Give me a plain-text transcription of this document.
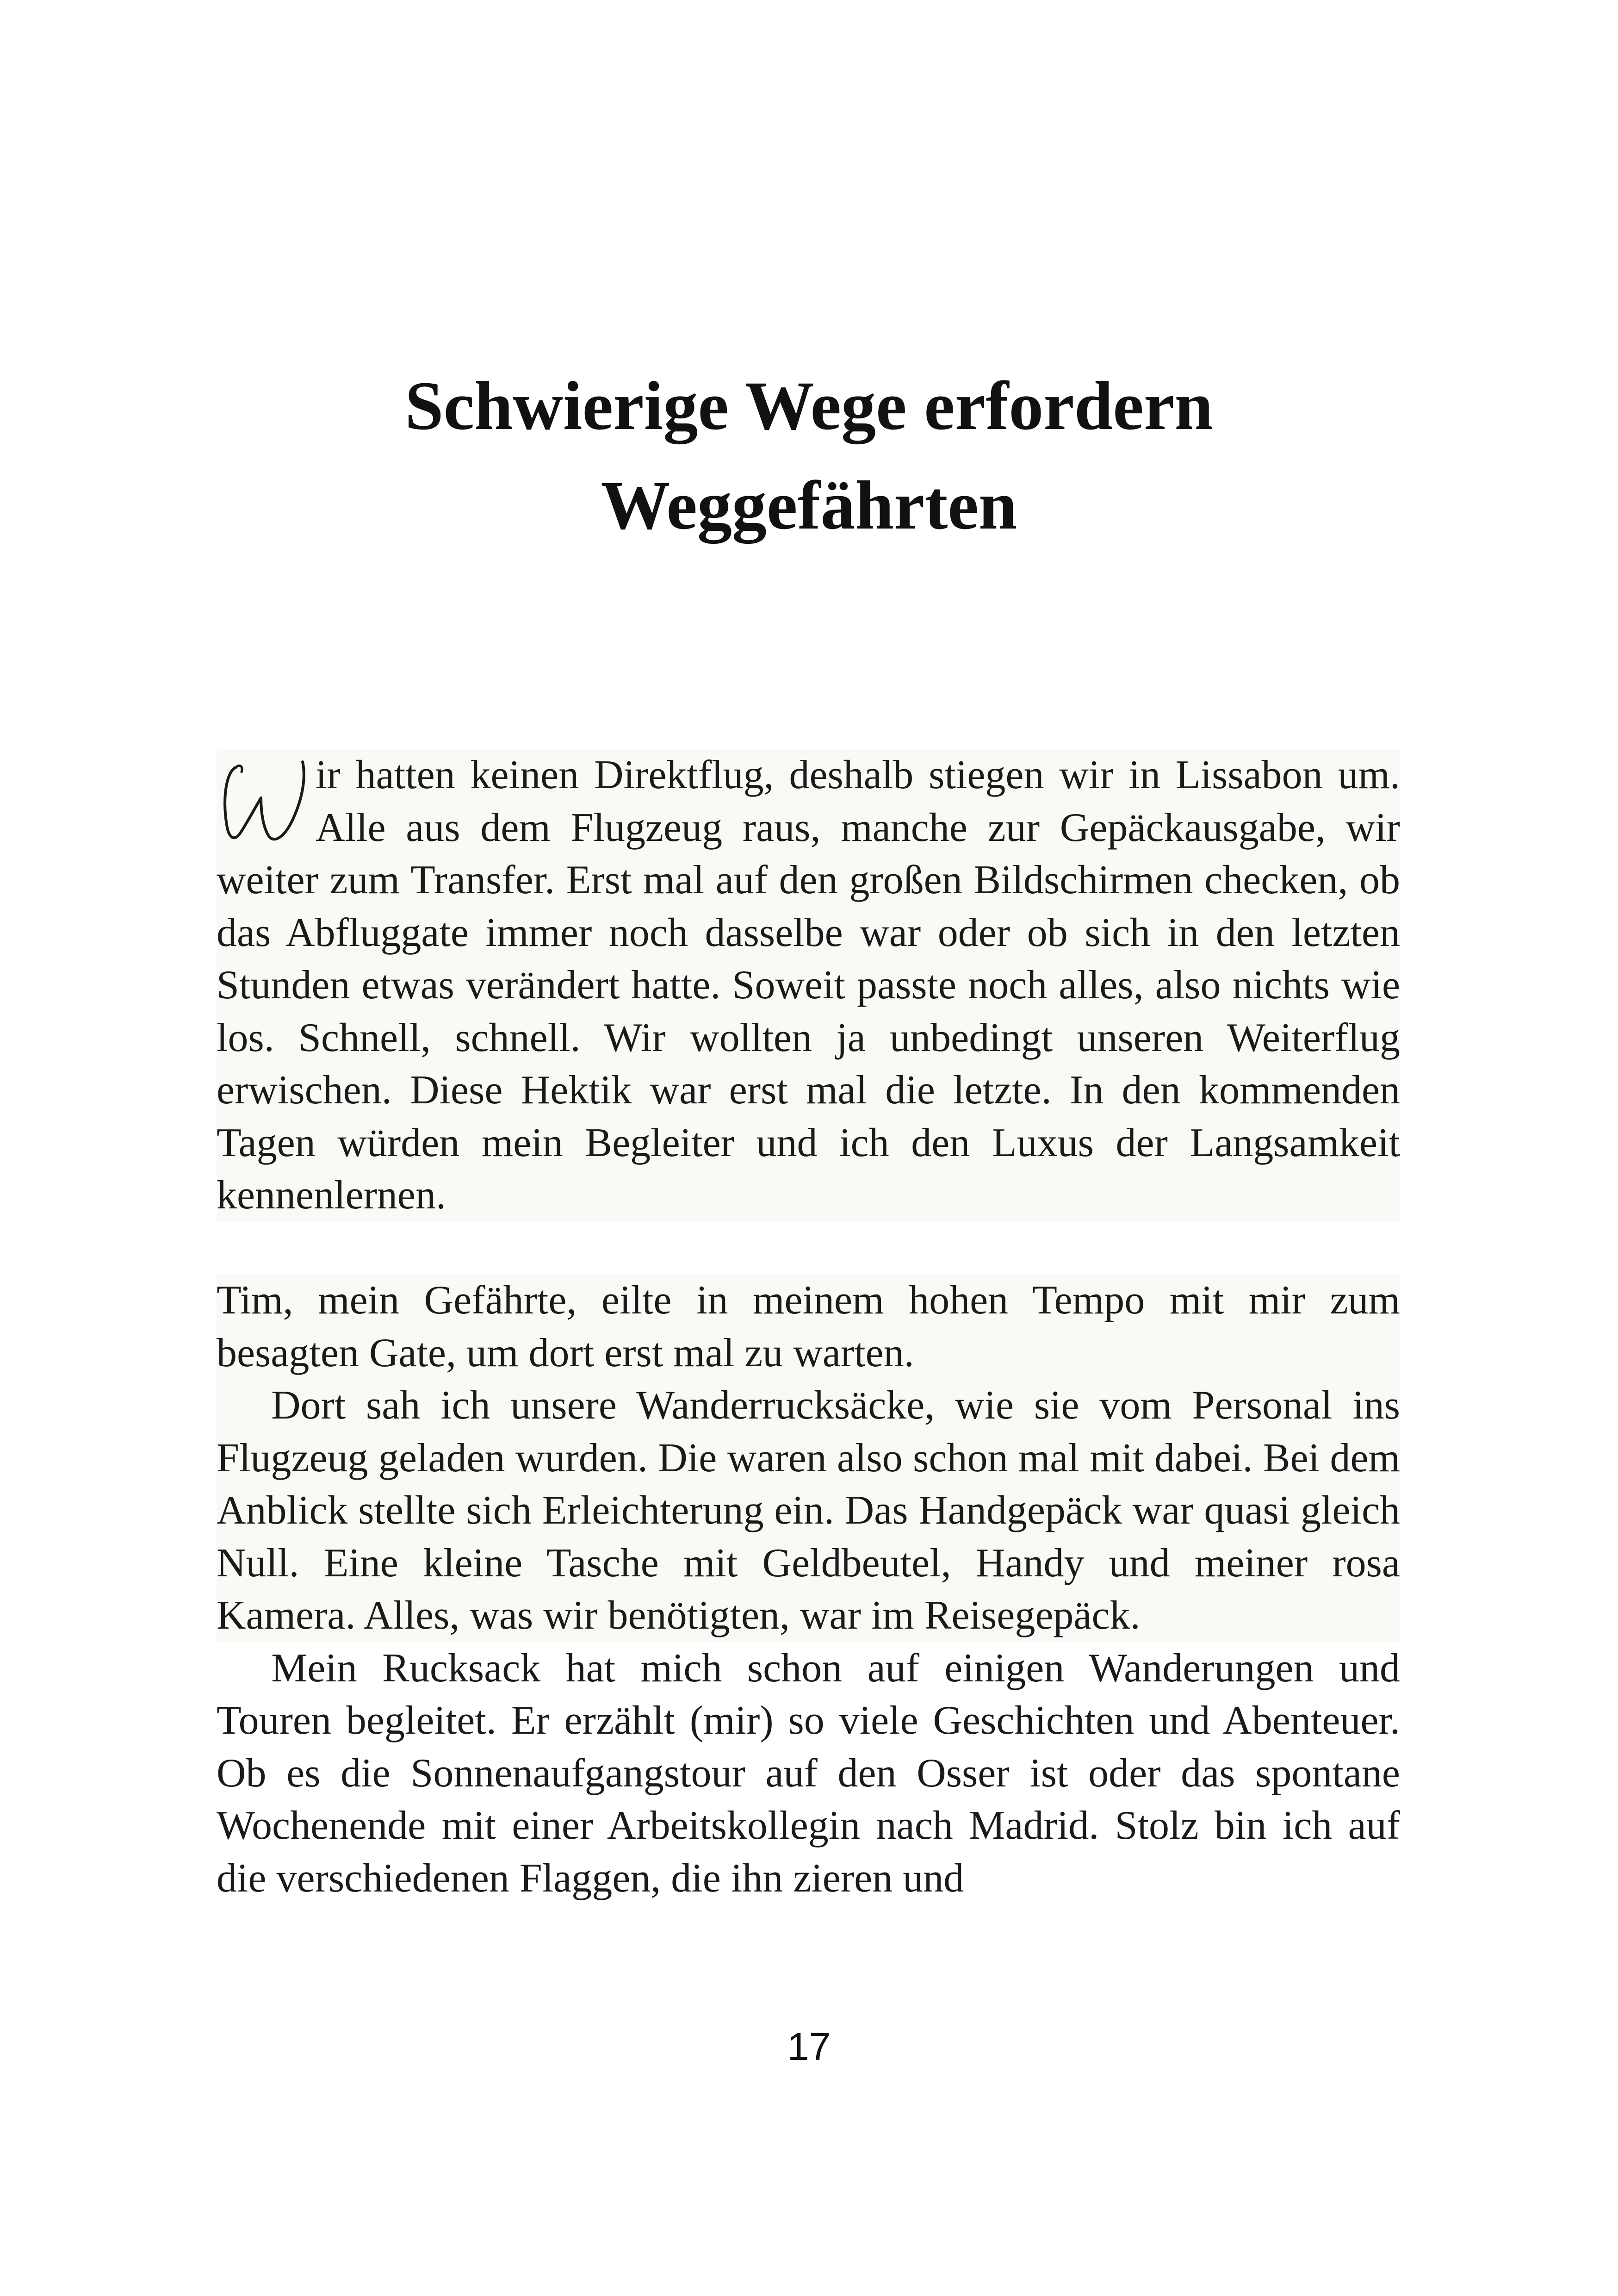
Schwierige Wege erfordern
Weggefährten

ir hatten keinen Direktflug, deshalb stiegen wir in Lissabon um. Alle aus dem Flugzeug raus, manche zur Gepäckausgabe, wir weiter zum Transfer. Erst mal auf den großen Bildschirmen checken, ob das Abfluggate immer noch dasselbe war oder ob sich in den letzten Stunden etwas verändert hatte. Soweit passte noch alles, also nichts wie los. Schnell, schnell. Wir wollten ja unbedingt unseren Weiterflug erwischen. Diese Hektik war erst mal die letzte. In den kommenden Tagen würden mein Begleiter und ich den Luxus der Langsamkeit kennenlernen.

Tim, mein Gefährte, eilte in meinem hohen Tempo mit mir zum besagten Gate, um dort erst mal zu warten.

Dort sah ich unsere Wanderrucksäcke, wie sie vom Personal ins Flugzeug geladen wurden. Die waren also schon mal mit dabei. Bei dem Anblick stellte sich Erleichterung ein. Das Handgepäck war quasi gleich Null. Eine kleine Tasche mit Geldbeutel, Handy und meiner rosa Kamera. Alles, was wir benötigten, war im Reisegepäck.

Mein Rucksack hat mich schon auf einigen Wanderungen und Touren begleitet. Er erzählt (mir) so viele Geschichten und Abenteuer. Ob es die Sonnenaufgangstour auf den Osser ist oder das spontane Wochenende mit einer Arbeitskollegin nach Madrid. Stolz bin ich auf die verschiedenen Flaggen, die ihn zieren und

17
